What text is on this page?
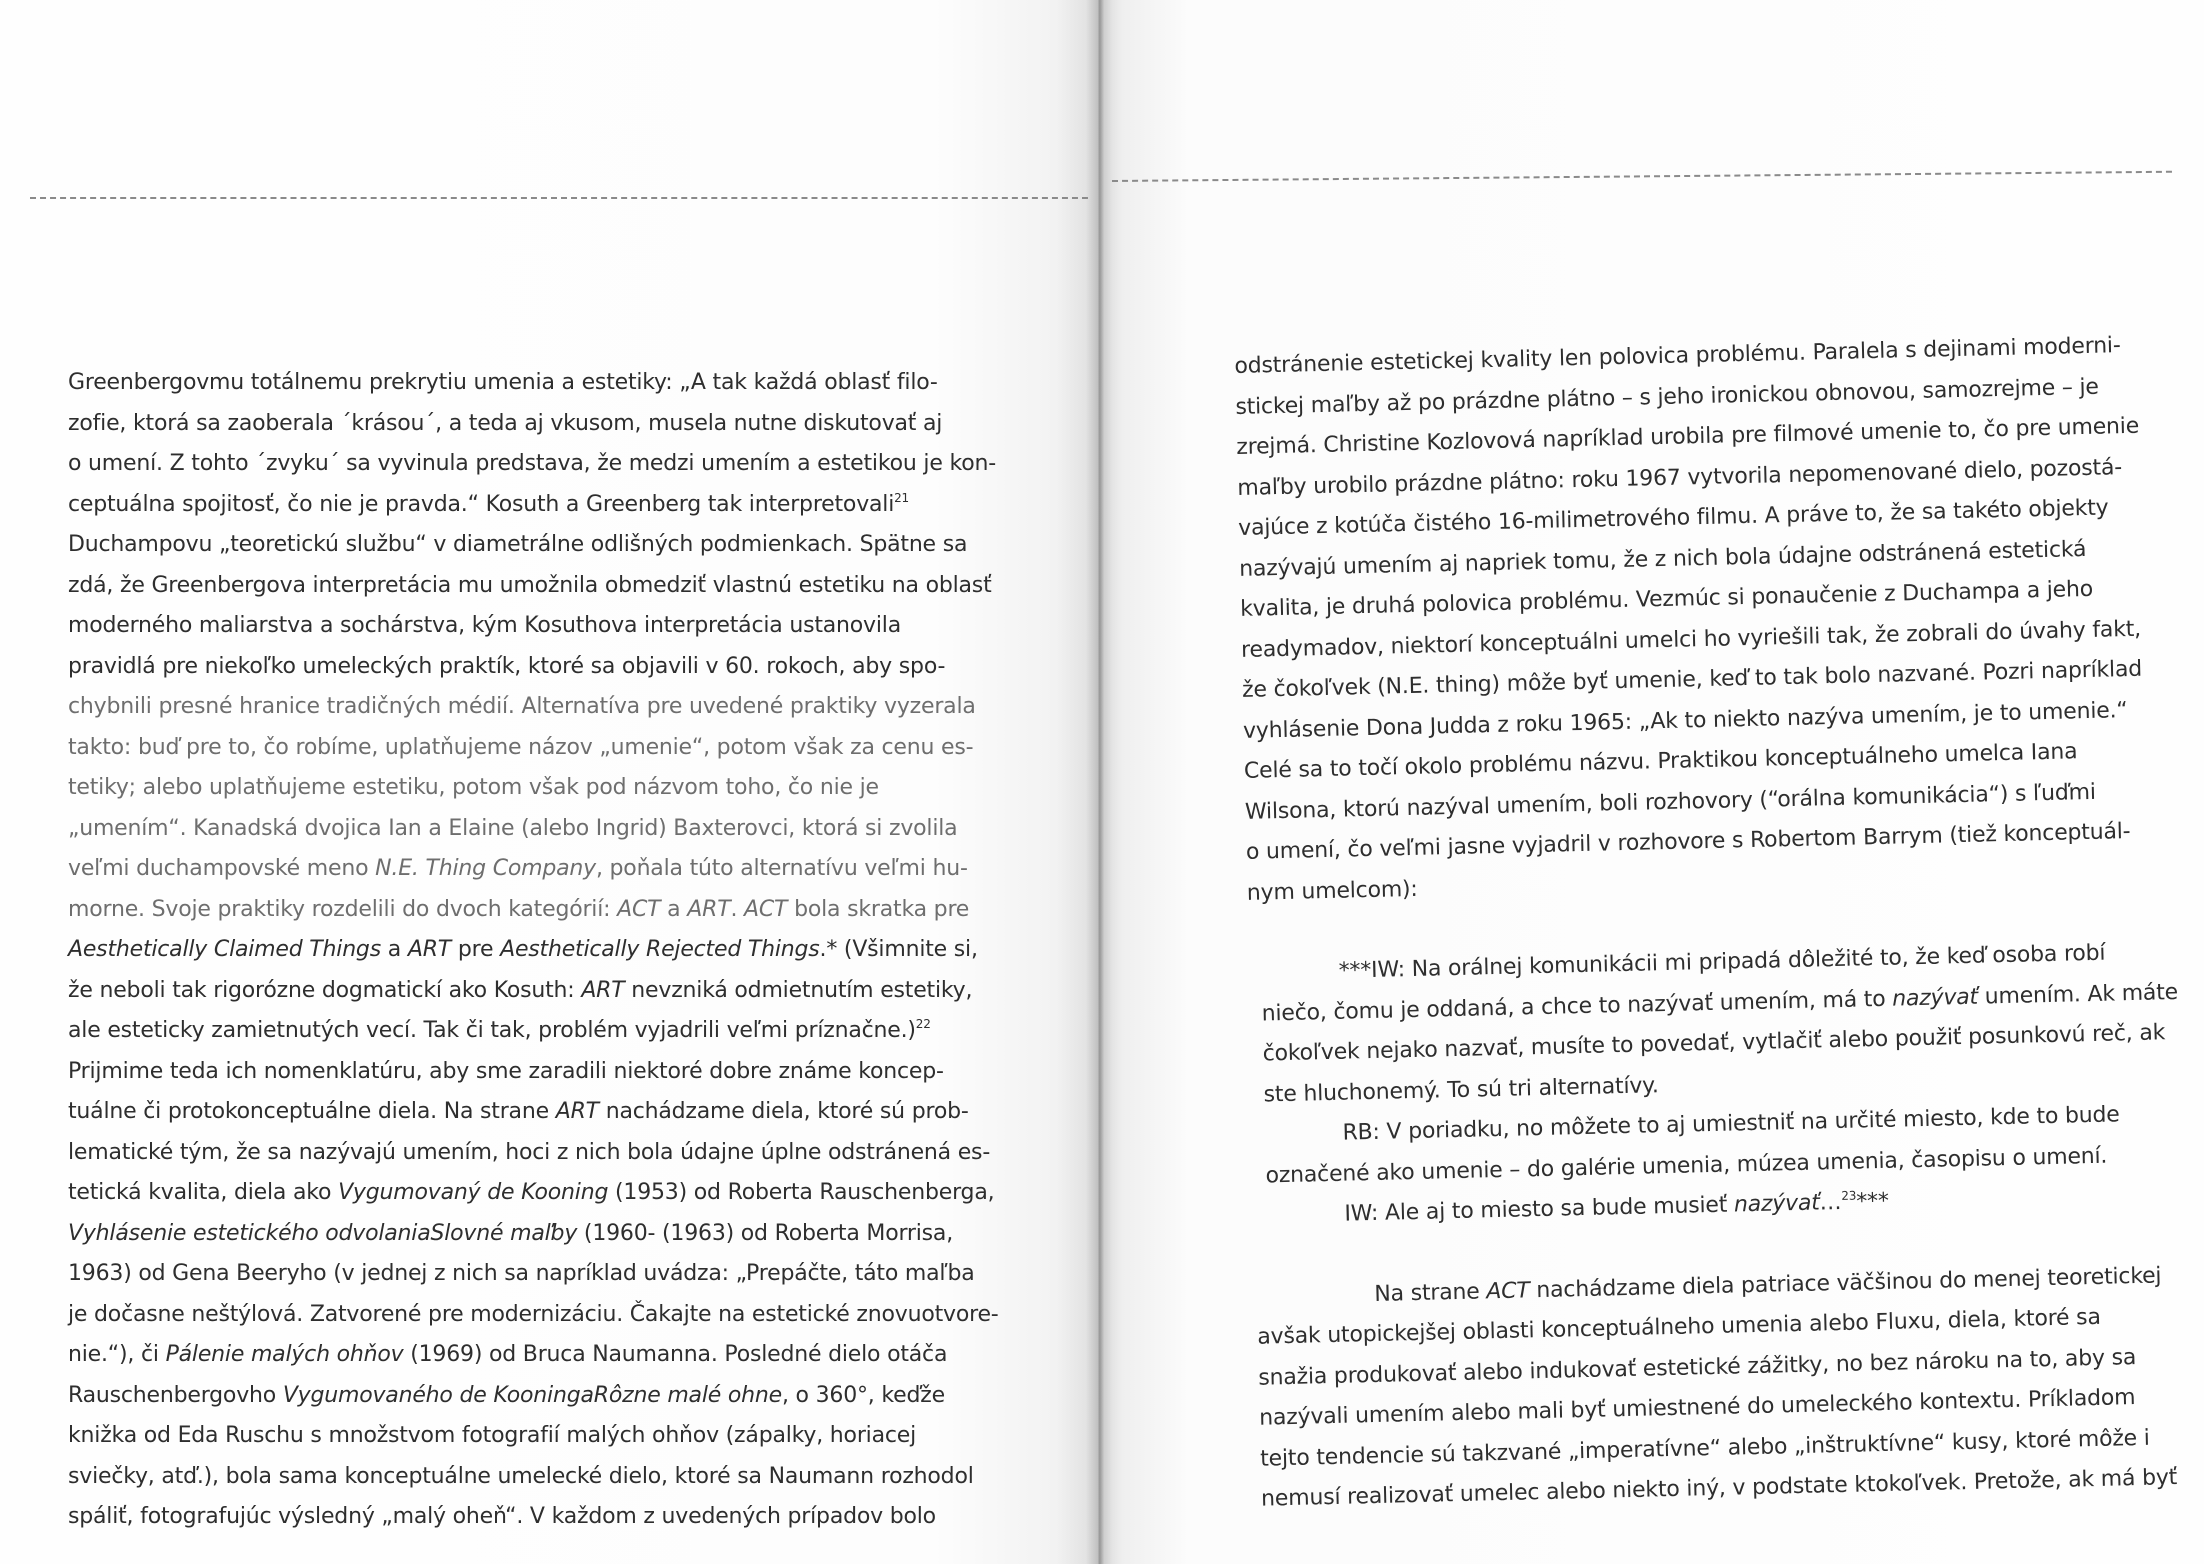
Greenbergovmu totálnemu prekrytiu umenia a estetiky: „A tak každá oblasť filo-
zofie, ktorá sa zaoberala ´krásou´, a teda aj vkusom, musela nutne diskutovať aj
o umení. Z tohto ´zvyku´ sa vyvinula predstava, že medzi umením a estetikou je kon-
ceptuálna spojitosť, čo nie je pravda.“ Kosuth a Greenberg tak interpretovali$^{21}$
Duchampovu „teoretickú službu“ v diametrálne odlišných podmienkach. Spätne sa
zdá, že Greenbergova interpretácia mu umožnila obmedziť vlastnú estetiku na oblasť
moderného maliarstva a sochárstva, kým Kosuthova interpretácia ustanovila
pravidlá pre niekoľko umeleckých praktík, ktoré sa objavili v 60. rokoch, aby spo-
chybnili presné hranice tradičných médií. Alternatíva pre uvedené praktiky vyzerala
takto: buď pre to, čo robíme, uplatňujeme názov „umenie“, potom však za cenu es-
tetiky; alebo uplatňujeme estetiku, potom však pod názvom toho, čo nie je
„umením“. Kanadská dvojica Ian a Elaine (alebo Ingrid) Baxterovci, ktorá si zvolila
veľmi duchampovské meno N.E. Thing Company, poňala túto alternatívu veľmi hu-
morne. Svoje praktiky rozdelili do dvoch kategórií: ACT a ART. ACT bola skratka pre
Aesthetically Claimed Things a ART pre Aesthetically Rejected Things.* (Všimnite si,
že neboli tak rigorózne dogmatickí ako Kosuth: ART nevzniká odmietnutím estetiky,
ale esteticky zamietnutých vecí. Tak či tak, problém vyjadrili veľmi príznačne.)$^{22}$
Prijmime teda ich nomenklatúru, aby sme zaradili niektoré dobre známe koncep-
tuálne či protokonceptuálne diela. Na strane ART nachádzame diela, ktoré sú prob-
lematické tým, že sa nazývajú umením, hoci z nich bola údajne úplne odstránená es-
tetická kvalita, diela ako Vygumovaný de Kooning (1953) od Roberta Rauschenberga,
Vyhlásenie estetického odvolaniaSlovné maľby (1960- (1963) od Roberta Morrisa,
1963) od Gena Beeryho (v jednej z nich sa napríklad uvádza: „Prepáčte, táto maľba
je dočasne neštýlová. Zatvorené pre modernizáciu. Čakajte na estetické znovuotvore-
nie.“), či Pálenie malých ohňov (1969) od Bruca Naumanna. Posledné dielo otáča
Rauschenbergovho Vygumovaného de KooningaRôzne malé ohne, o 360°, keďže
knižka od Eda Ruschu s množstvom fotografií malých ohňov (zápalky, horiacej
sviečky, atď.), bola sama konceptuálne umelecké dielo, ktoré sa Naumann rozhodol
spáliť, fotografujúc výsledný „malý oheň“. V každom z uvedených prípadov bolo
odstránenie estetickej kvality len polovica problému. Paralela s dejinami moderni-
stickej maľby až po prázdne plátno – s jeho ironickou obnovou, samozrejme – je
zrejmá. Christine Kozlovová napríklad urobila pre filmové umenie to, čo pre umenie
maľby urobilo prázdne plátno: roku 1967 vytvorila nepomenované dielo, pozostá-
vajúce z kotúča čistého 16-milimetrového filmu. A práve to, že sa takéto objekty
nazývajú umením aj napriek tomu, že z nich bola údajne odstránená estetická
kvalita, je druhá polovica problému. Vezmúc si ponaučenie z Duchampa a jeho
readymadov, niektorí konceptuálni umelci ho vyriešili tak, že zobrali do úvahy fakt,
že čokoľvek (N.E. thing) môže byť umenie, keď to tak bolo nazvané. Pozri napríklad
vyhlásenie Dona Judda z roku 1965: „Ak to niekto nazýva umením, je to umenie.“
Celé sa to točí okolo problému názvu. Praktikou konceptuálneho umelca Iana
Wilsona, ktorú nazýval umením, boli rozhovory (“orálna komunikácia“) s ľuďmi
o umení, čo veľmi jasne vyjadril v rozhovore s Robertom Barrym (tiež konceptuál-
nym umelcom):
***IW: Na orálnej komunikácii mi pripadá dôležité to, že keď osoba robí
niečo, čomu je oddaná, a chce to nazývať umením, má to nazývať umením. Ak máte
čokoľvek nejako nazvať, musíte to povedať, vytlačiť alebo použiť posunkovú reč, ak
ste hluchonemý. To sú tri alternatívy.
RB: V poriadku, no môžete to aj umiestniť na určité miesto, kde to bude
označené ako umenie – do galérie umenia, múzea umenia, časopisu o umení.
IW: Ale aj to miesto sa bude musieť nazývať…$^{23}$***
Na strane ACT nachádzame diela patriace väčšinou do menej teoretickej
avšak utopickejšej oblasti konceptuálneho umenia alebo Fluxu, diela, ktoré sa
snažia produkovať alebo indukovať estetické zážitky, no bez nároku na to, aby sa
nazývali umením alebo mali byť umiestnené do umeleckého kontextu. Príkladom
tejto tendencie sú takzvané „imperatívne“ alebo „inštruktívne“ kusy, ktoré môže i
nemusí realizovať umelec alebo niekto iný, v podstate ktokoľvek. Pretože, ak má byť
